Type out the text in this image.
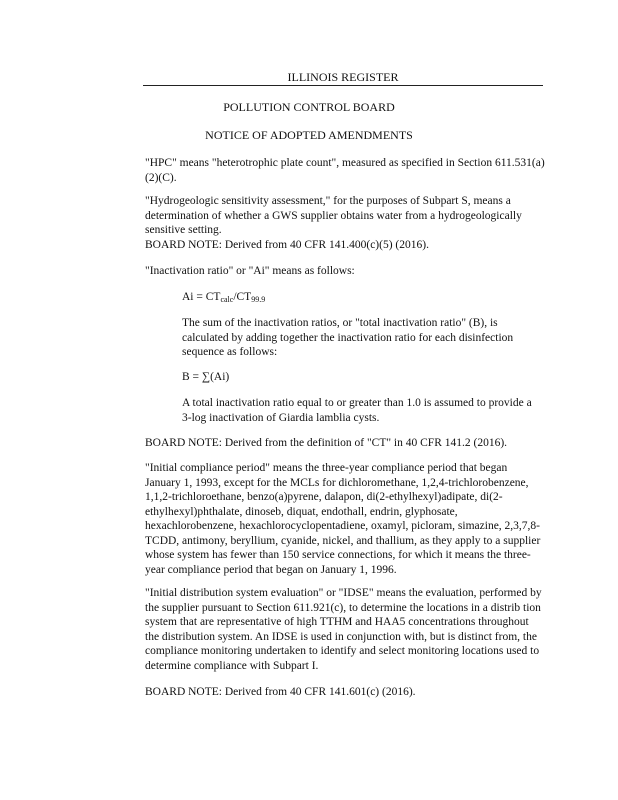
ILLINOIS REGISTER
POLLUTION CONTROL BOARD
NOTICE OF ADOPTED AMENDMENTS
"HPC" means "heterotrophic plate count", measured as specified in Section 611.531(a)(2)(C).
"Hydrogeologic sensitivity assessment," for the purposes of Subpart S, means a determination of whether a GWS supplier obtains water from a hydrogeologically sensitive setting.
BOARD NOTE: Derived from 40 CFR 141.400(c)(5) (2016).
"Inactivation ratio" or "Ai" means as follows:
$Ai = CT_{calc}/CT_{99.9}$
The sum of the inactivation ratios, or "total inactivation ratio" (B), is calculated by adding together the inactivation ratio for each disinfection sequence as follows:
B = ∑(Ai)
A total inactivation ratio equal to or greater than 1.0 is assumed to provide a 3-log inactivation of Giardia lamblia cysts.
BOARD NOTE: Derived from the definition of "CT" in 40 CFR 141.2 (2016).
"Initial compliance period" means the three-year compliance period that began January 1, 1993, except for the MCLs for dichloromethane, 1,2,4-trichlorobenzene, 1,1,2-trichloroethane, benzo(a)pyrene, dalapon, di(2-ethylhexyl)adipate, di(2-ethylhexyl)phthalate, dinoseb, diquat, endothall, endrin, glyphosate, hexachlorobenzene, hexachlorocyclopentadiene, oxamyl, picloram, simazine, 2,3,7,8-TCDD, antimony, beryllium, cyanide, nickel, and thallium, as they apply to a supplier whose system has fewer than 150 service connections, for which it means the three-year compliance period that began on January 1, 1996.
"Initial distribution system evaluation" or "IDSE" means the evaluation, performed by the supplier pursuant to Section 611.921(c), to determine the locations in a distrib tion system that are representative of high TTHM and HAA5 concentrations throughout the distribution system. An IDSE is used in conjunction with, but is distinct from, the compliance monitoring undertaken to identify and select monitoring locations used to determine compliance with Subpart I.
BOARD NOTE: Derived from 40 CFR 141.601(c) (2016).
